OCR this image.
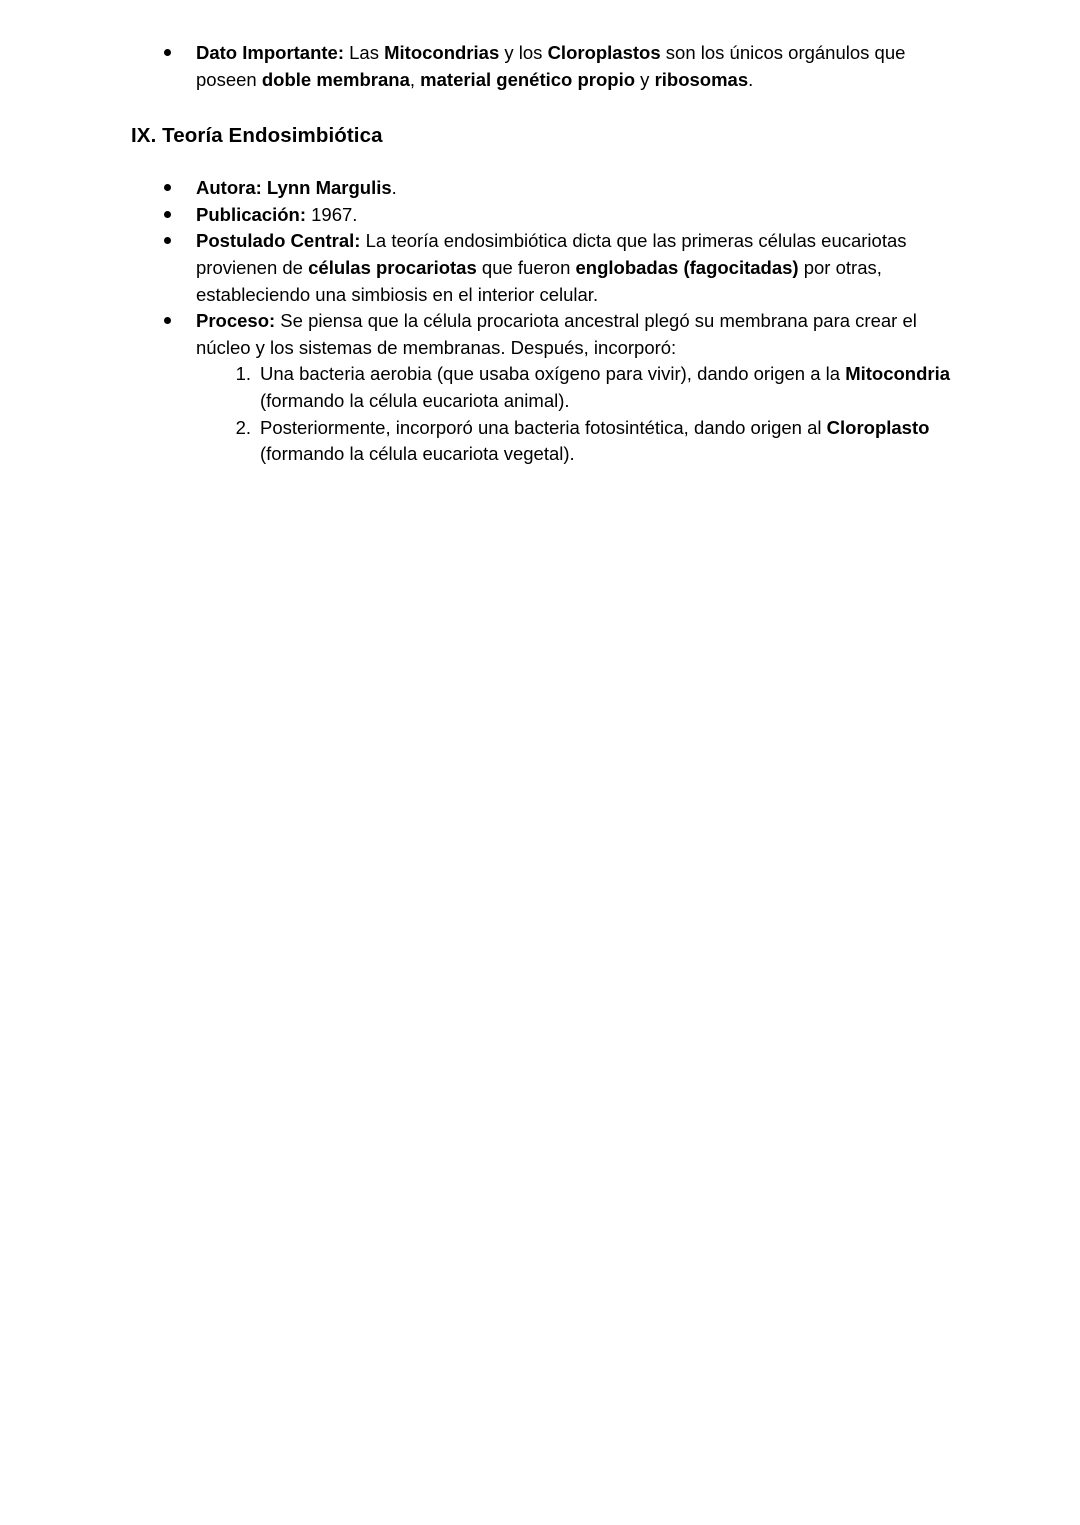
Dato Importante: Las Mitocondrias y los Cloroplastos son los únicos orgánulos que poseen doble membrana, material genético propio y ribosomas.
IX. Teoría Endosimbiótica
Autora: Lynn Margulis.
Publicación: 1967.
Postulado Central: La teoría endosimbiótica dicta que las primeras células eucariotas provienen de células procariotas que fueron englobadas (fagocitadas) por otras, estableciendo una simbiosis en el interior celular.
Proceso: Se piensa que la célula procariota ancestral plegó su membrana para crear el núcleo y los sistemas de membranas. Después, incorporó:
1. Una bacteria aerobia (que usaba oxígeno para vivir), dando origen a la Mitocondria (formando la célula eucariota animal).
2. Posteriormente, incorporó una bacteria fotosintética, dando origen al Cloroplasto (formando la célula eucariota vegetal).
